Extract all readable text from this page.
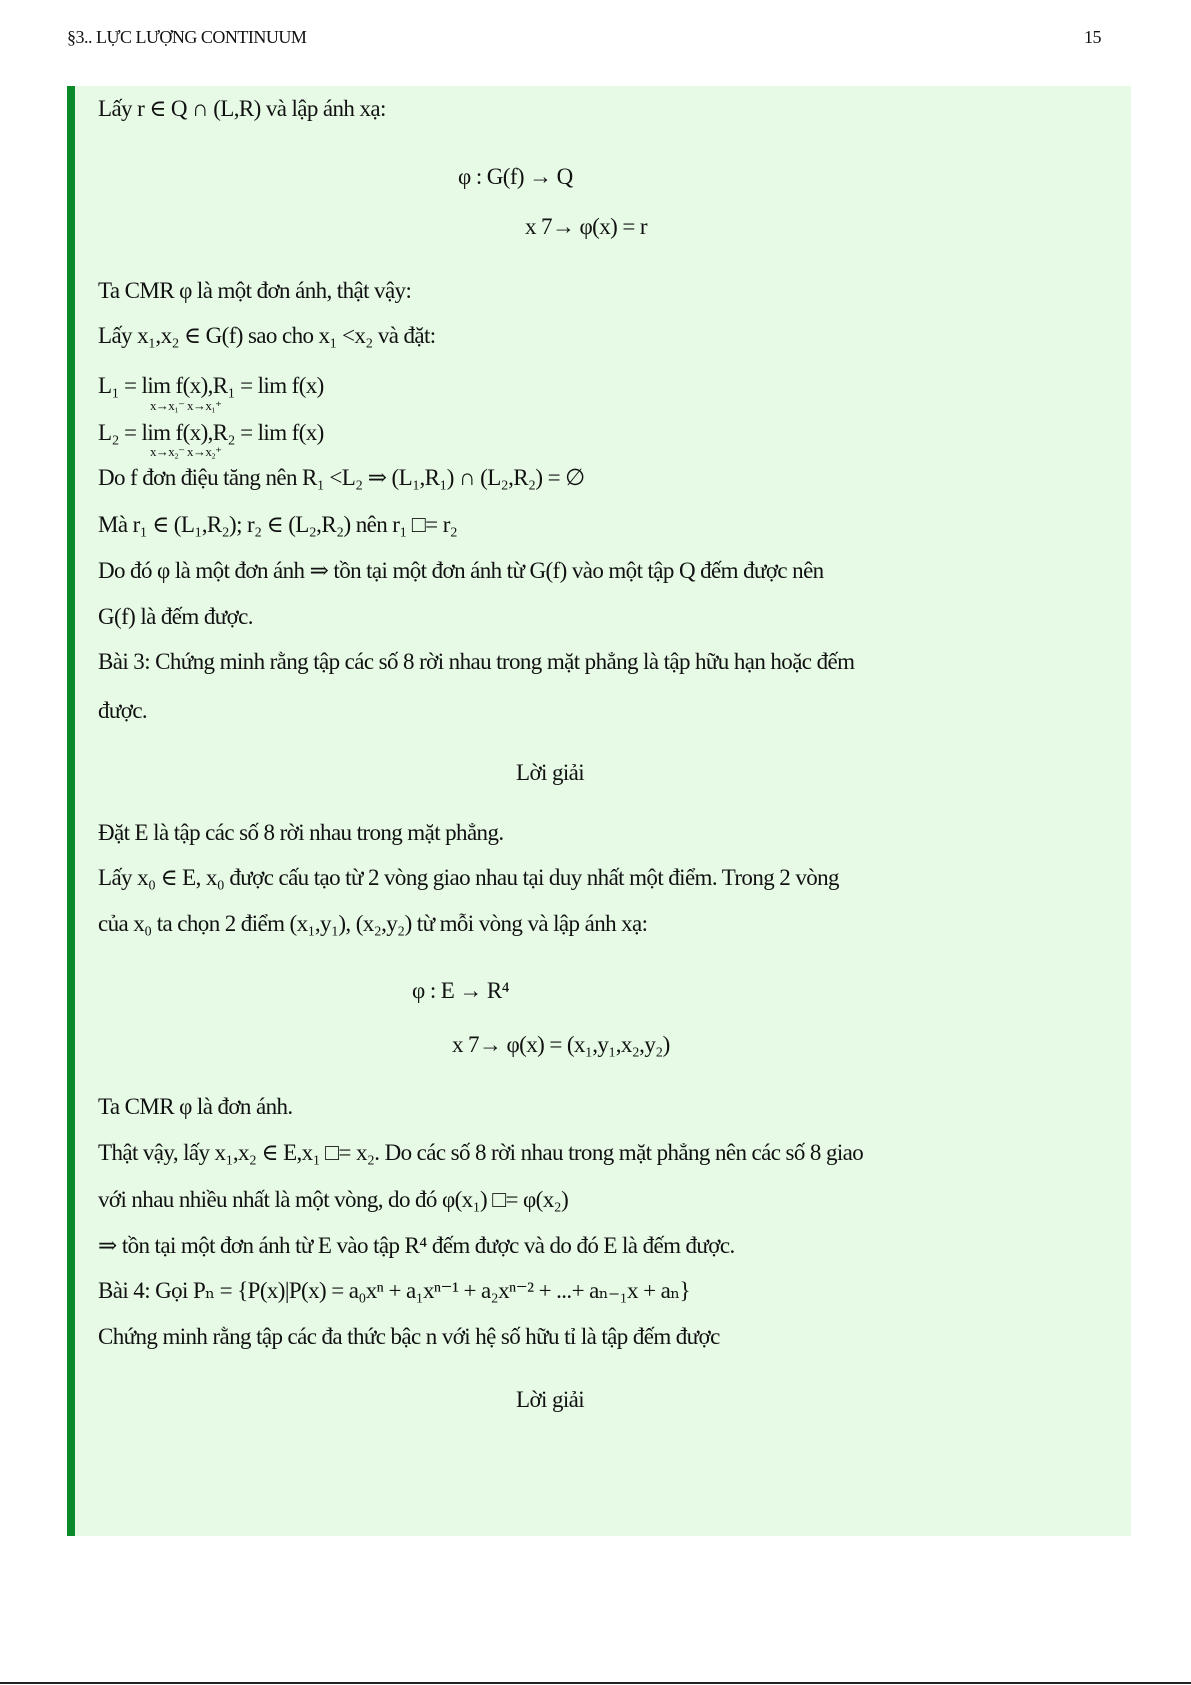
§3.. LỰC LƯỢNG CONTINUUM	15
Lấy r ∈ Q ∩ (L,R) và lập ánh xạ:
φ : G(f) → Q
x 7→ φ(x) = r
Ta CMR φ là một đơn ánh, thật vậy:
Lấy x₁,x₂ ∈ G(f) sao cho x₁ <x₂ và đặt:
L₁ = lim f(x),R₁ = lim f(x)
x→x₁⁻ x→x₁⁺
L₂ = lim f(x),R₂ = lim f(x)
x→x₂⁻ x→x₂⁺
Do f đơn điệu tăng nên R₁ <L₂ ⇒ (L₁,R₁) ∩ (L₂,R₂) = ∅
Mà r₁ ∈ (L₁,R₂); r₂ ∈ (L₂,R₂) nên r₁ □= r₂
Do đó φ là một đơn ánh ⇒ tồn tại một đơn ánh từ G(f) vào một tập Q đếm được nên
G(f) là đếm được.
Bài 3: Chứng minh rằng tập các số 8 rời nhau trong mặt phẳng là tập hữu hạn hoặc đếm
được.
Lời giải
Đặt E là tập các số 8 rời nhau trong mặt phẳng.
Lấy x₀ ∈ E, x₀ được cấu tạo từ 2 vòng giao nhau tại duy nhất một điểm. Trong 2 vòng
của x₀ ta chọn 2 điểm (x₁,y₁), (x₂,y₂) từ mỗi vòng và lập ánh xạ:
φ : E → R⁴
x 7→ φ(x) = (x₁,y₁,x₂,y₂)
Ta CMR φ là đơn ánh.
Thật vậy, lấy x₁,x₂ ∈ E,x₁ □= x₂. Do các số 8 rời nhau trong mặt phẳng nên các số 8 giao
với nhau nhiều nhất là một vòng, do đó φ(x₁) □= φ(x₂)
⇒ tồn tại một đơn ánh từ E vào tập R⁴ đếm được và do đó E là đếm được.
Bài 4: Gọi Pₙ = {P(x)|P(x) = a₀xⁿ + a₁xⁿ⁻¹ + a₂xⁿ⁻² + ...+ aₙ₋₁x + aₙ}
Chứng minh rằng tập các đa thức bậc n với hệ số hữu tỉ là tập đếm được
Lời giải
